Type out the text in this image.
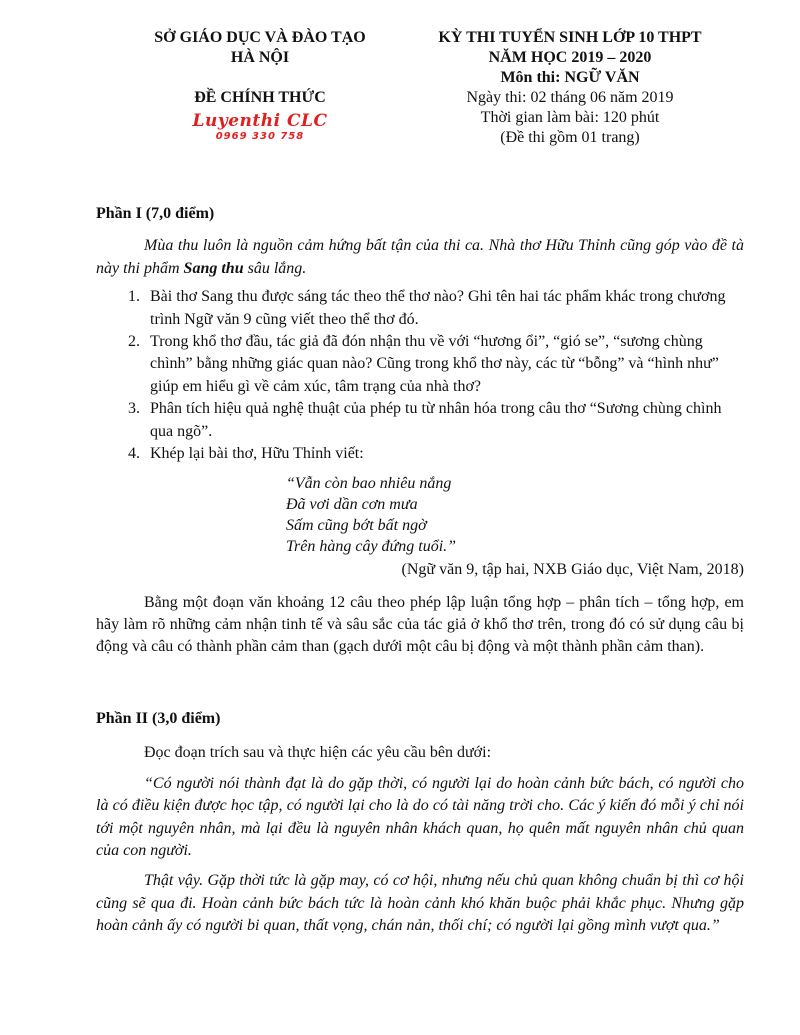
SỞ GIÁO DỤC VÀ ĐÀO TẠO
HÀ NỘI
ĐỀ CHÍNH THỨC
Luyenthi CLC
0969 330 758
KỲ THI TUYỂN SINH LỚP 10 THPT
NĂM HỌC 2019 – 2020
Môn thi: NGỮ VĂN
Ngày thi: 02 tháng 06 năm 2019
Thời gian làm bài: 120 phút
(Đề thi gồm 01 trang)

Phần I (7,0 điểm)

Mùa thu luôn là nguồn cảm hứng bất tận của thi ca. Nhà thơ Hữu Thỉnh cũng góp vào đề tà này thi phẩm Sang thu sâu lắng.

1. Bài thơ Sang thu được sáng tác theo thể thơ nào? Ghi tên hai tác phẩm khác trong chương trình Ngữ văn 9 cũng viết theo thể thơ đó.
2. Trong khổ thơ đầu, tác giả đã đón nhận thu về với “hương ổi”, “gió se”, “sương chùng chình” bằng những giác quan nào? Cũng trong khổ thơ này, các từ “bỗng” và “hình như” giúp em hiểu gì về cảm xúc, tâm trạng của nhà thơ?
3. Phân tích hiệu quả nghệ thuật của phép tu từ nhân hóa trong câu thơ “Sương chùng chình qua ngõ”.
4. Khép lại bài thơ, Hữu Thỉnh viết:
“Vẫn còn bao nhiêu nắng
Đã vơi dần cơn mưa
Sấm cũng bớt bất ngờ
Trên hàng cây đứng tuổi.”
(Ngữ văn 9, tập hai, NXB Giáo dục, Việt Nam, 2018)

Bằng một đoạn văn khoảng 12 câu theo phép lập luận tổng hợp – phân tích – tổng hợp, em hãy làm rõ những cảm nhận tinh tế và sâu sắc của tác giả ở khổ thơ trên, trong đó có sử dụng câu bị động và câu có thành phần cảm than (gạch dưới một câu bị động và một thành phần cảm than).

Phần II (3,0 điểm)

Đọc đoạn trích sau và thực hiện các yêu cầu bên dưới:

“Có người nói thành đạt là do gặp thời, có người lại do hoàn cảnh bức bách, có người cho là có điều kiện được học tập, có người lại cho là do có tài năng trời cho. Các ý kiến đó mỗi ý chỉ nói tới một nguyên nhân, mà lại đều là nguyên nhân khách quan, họ quên mất nguyên nhân chủ quan của con người.

Thật vậy. Gặp thời tức là gặp may, có cơ hội, nhưng nếu chủ quan không chuẩn bị thì cơ hội cũng sẽ qua đi. Hoàn cảnh bức bách tức là hoàn cảnh khó khăn buộc phải khắc phục. Nhưng gặp hoàn cảnh ấy có người bi quan, thất vọng, chán nản, thối chí; có người lại gồng mình vượt qua.”
